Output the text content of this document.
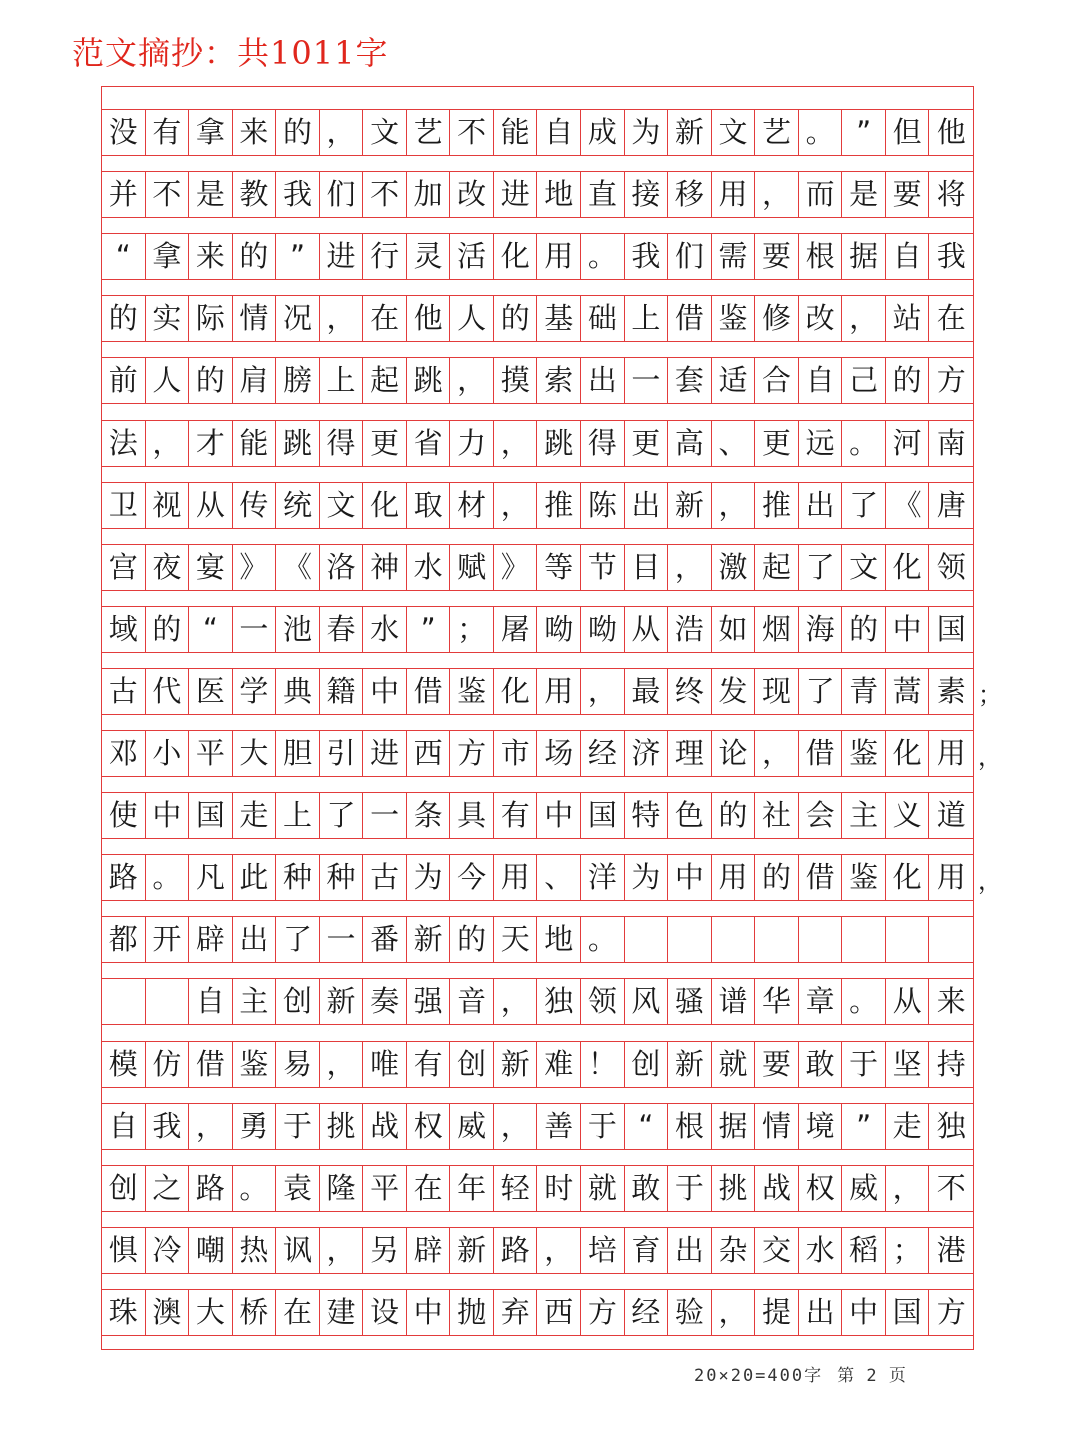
范文摘抄：共1011字
没 有 拿 来 的 ， 文 艺 不 能 自 成 为 新 文 艺 。 ” 但 他
并 不 是 教 我 们 不 加 改 进 地 直 接 移 用 ， 而 是 要 将
“ 拿 来 的 ” 进 行 灵 活 化 用 。 我 们 需 要 根 据 自 我
的 实 际 情 况 ， 在 他 人 的 基 础 上 借 鉴 修 改 ， 站 在
前 人 的 肩 膀 上 起 跳 ， 摸 索 出 一 套 适 合 自 己 的 方
法 ， 才 能 跳 得 更 省 力 ， 跳 得 更 高 、 更 远 。 河 南
卫 视 从 传 统 文 化 取 材 ， 推 陈 出 新 ， 推 出 了 《 唐
宫 夜 宴 》 《 洛 神 水 赋 》 等 节 目 ， 激 起 了 文 化 领
域 的 “ 一 池 春 水 ” ； 屠 呦 呦 从 浩 如 烟 海 的 中 国
古 代 医 学 典 籍 中 借 鉴 化 用 ， 最 终 发 现 了 青 蒿 素
邓 小 平 大 胆 引 进 西 方 市 场 经 济 理 论 ， 借 鉴 化 用
使 中 国 走 上 了 一 条 具 有 中 国 特 色 的 社 会 主 义 道
路 。 凡 此 种 种 古 为 今 用 、 洋 为 中 用 的 借 鉴 化 用
都 开 辟 出 了 一 番 新 的 天 地 。
自 主 创 新 奏 强 音 ， 独 领 风 骚 谱 华 章 。 从 来
模 仿 借 鉴 易 ， 唯 有 创 新 难 ！ 创 新 就 要 敢 于 坚 持
自 我 ， 勇 于 挑 战 权 威 ， 善 于 “ 根 据 情 境 ” 走 独
创 之 路 。 袁 隆 平 在 年 轻 时 就 敢 于 挑 战 权 威 ， 不
惧 冷 嘲 热 讽 ， 另 辟 新 路 ， 培 育 出 杂 交 水 稻 ； 港
珠 澳 大 桥 在 建 设 中 抛 弃 西 方 经 验 ， 提 出 中 国 方
；
，
，
20×20=400字 第 2 页
